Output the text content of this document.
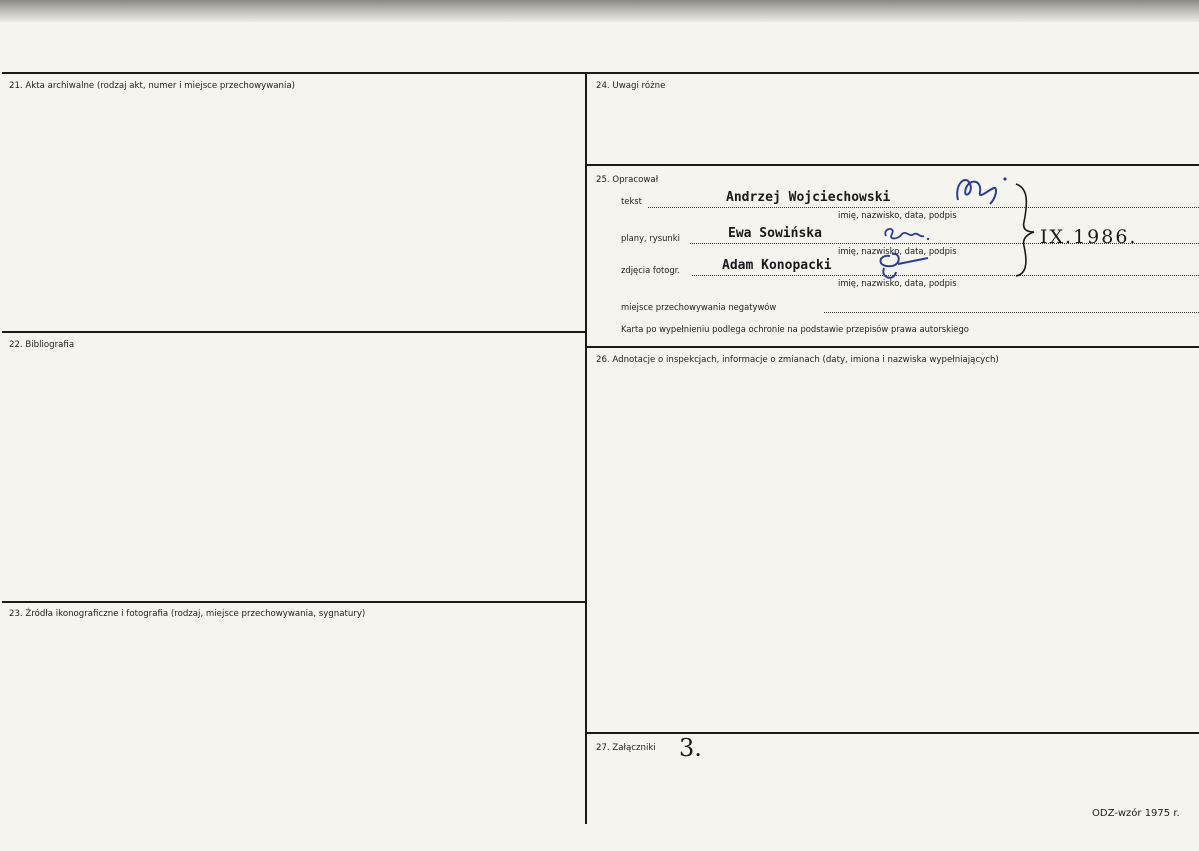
21. Akta archiwalne (rodzaj akt, numer i miejsce przechowywania)
22. Bibliografia
23. Źródła ikonograficzne i fotografia (rodzaj, miejsce przechowywania, sygnatury)
24. Uwagi różne
25. Opracował
26. Adnotacje o inspekcjach, informacje o zmianach (daty, imiona i nazwiska wypełniających)
27. Załączniki
tekst	Andrzej Wojciechowski
imię, nazwisko, data, podpis
plany, rysunki	Ewa Sowińska
imię, nazwisko, data, podpis
zdjęcia fotogr.	Adam Konopacki
imię, nazwisko, data, podpis
miejsce przechowywania negatywów
Karta po wypełnieniu podlega ochronie na podstawie przepisów prawa autorskiego
IX.1986.
3.
ODZ-wzór 1975 r.
